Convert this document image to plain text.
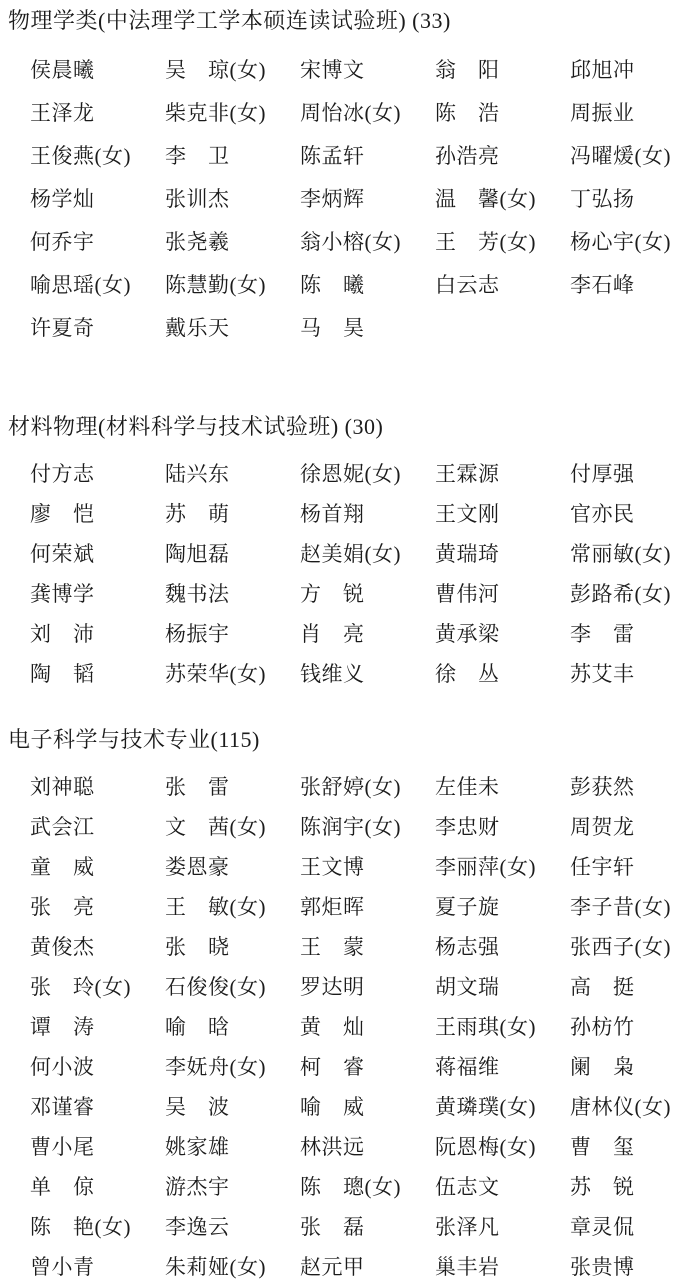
物理学类(中法理学工学本硕连读试验班) (33)
侯晨曦	吴　琼(女)	宋博文	翁　阳	邱旭冲
王泽龙	柴克非(女)	周怡冰(女)	陈　浩	周振业
王俊燕(女)	李　卫	陈孟轩	孙浩亮	冯曜煖(女)
杨学灿	张训杰	李炳辉	温　馨(女)	丁弘扬
何乔宇	张尧羲	翁小榕(女)	王　芳(女)	杨心宇(女)
喻思瑶(女)	陈慧勤(女)	陈　曦	白云志	李石峰
许夏奇	戴乐天	马　昊
材料物理(材料科学与技术试验班) (30)
付方志	陆兴东	徐恩妮(女)	王霖源	付厚强
廖　恺	苏　萌	杨首翔	王文刚	官亦民
何荣斌	陶旭磊	赵美娟(女)	黄瑞琦	常丽敏(女)
龚博学	魏书法	方　锐	曹伟河	彭路希(女)
刘　沛	杨振宇	肖　亮	黄承梁	李　雷
陶　韬	苏荣华(女)	钱维义	徐　丛	苏艾丰
电子科学与技术专业(115)
刘神聪	张　雷	张舒婷(女)	左佳未	彭获然
武会江	文　茜(女)	陈润宇(女)	李忠财	周贺龙
童　威	娄恩豪	王文博	李丽萍(女)	任宇轩
张　亮	王　敏(女)	郭炬晖	夏子旋	李子昔(女)
黄俊杰	张　晓	王　蒙	杨志强	张西子(女)
张　玲(女)	石俊俊(女)	罗达明	胡文瑞	高　挺
谭　涛	喻　晗	黄　灿	王雨琪(女)	孙枋竹
何小波	李妩舟(女)	柯　睿	蒋福维	阑　枭
邓谨睿	吴　波	喻　威	黄璘璞(女)	唐林仪(女)
曹小尾	姚家雄	林洪远	阮恩梅(女)	曹　玺
单　倞	游杰宇	陈　璁(女)	伍志文	苏　锐
陈　艳(女)	李逸云	张　磊	张泽凡	章灵侃
曾小青	朱莉娅(女)	赵元甲	巢丰岩	张贵博
